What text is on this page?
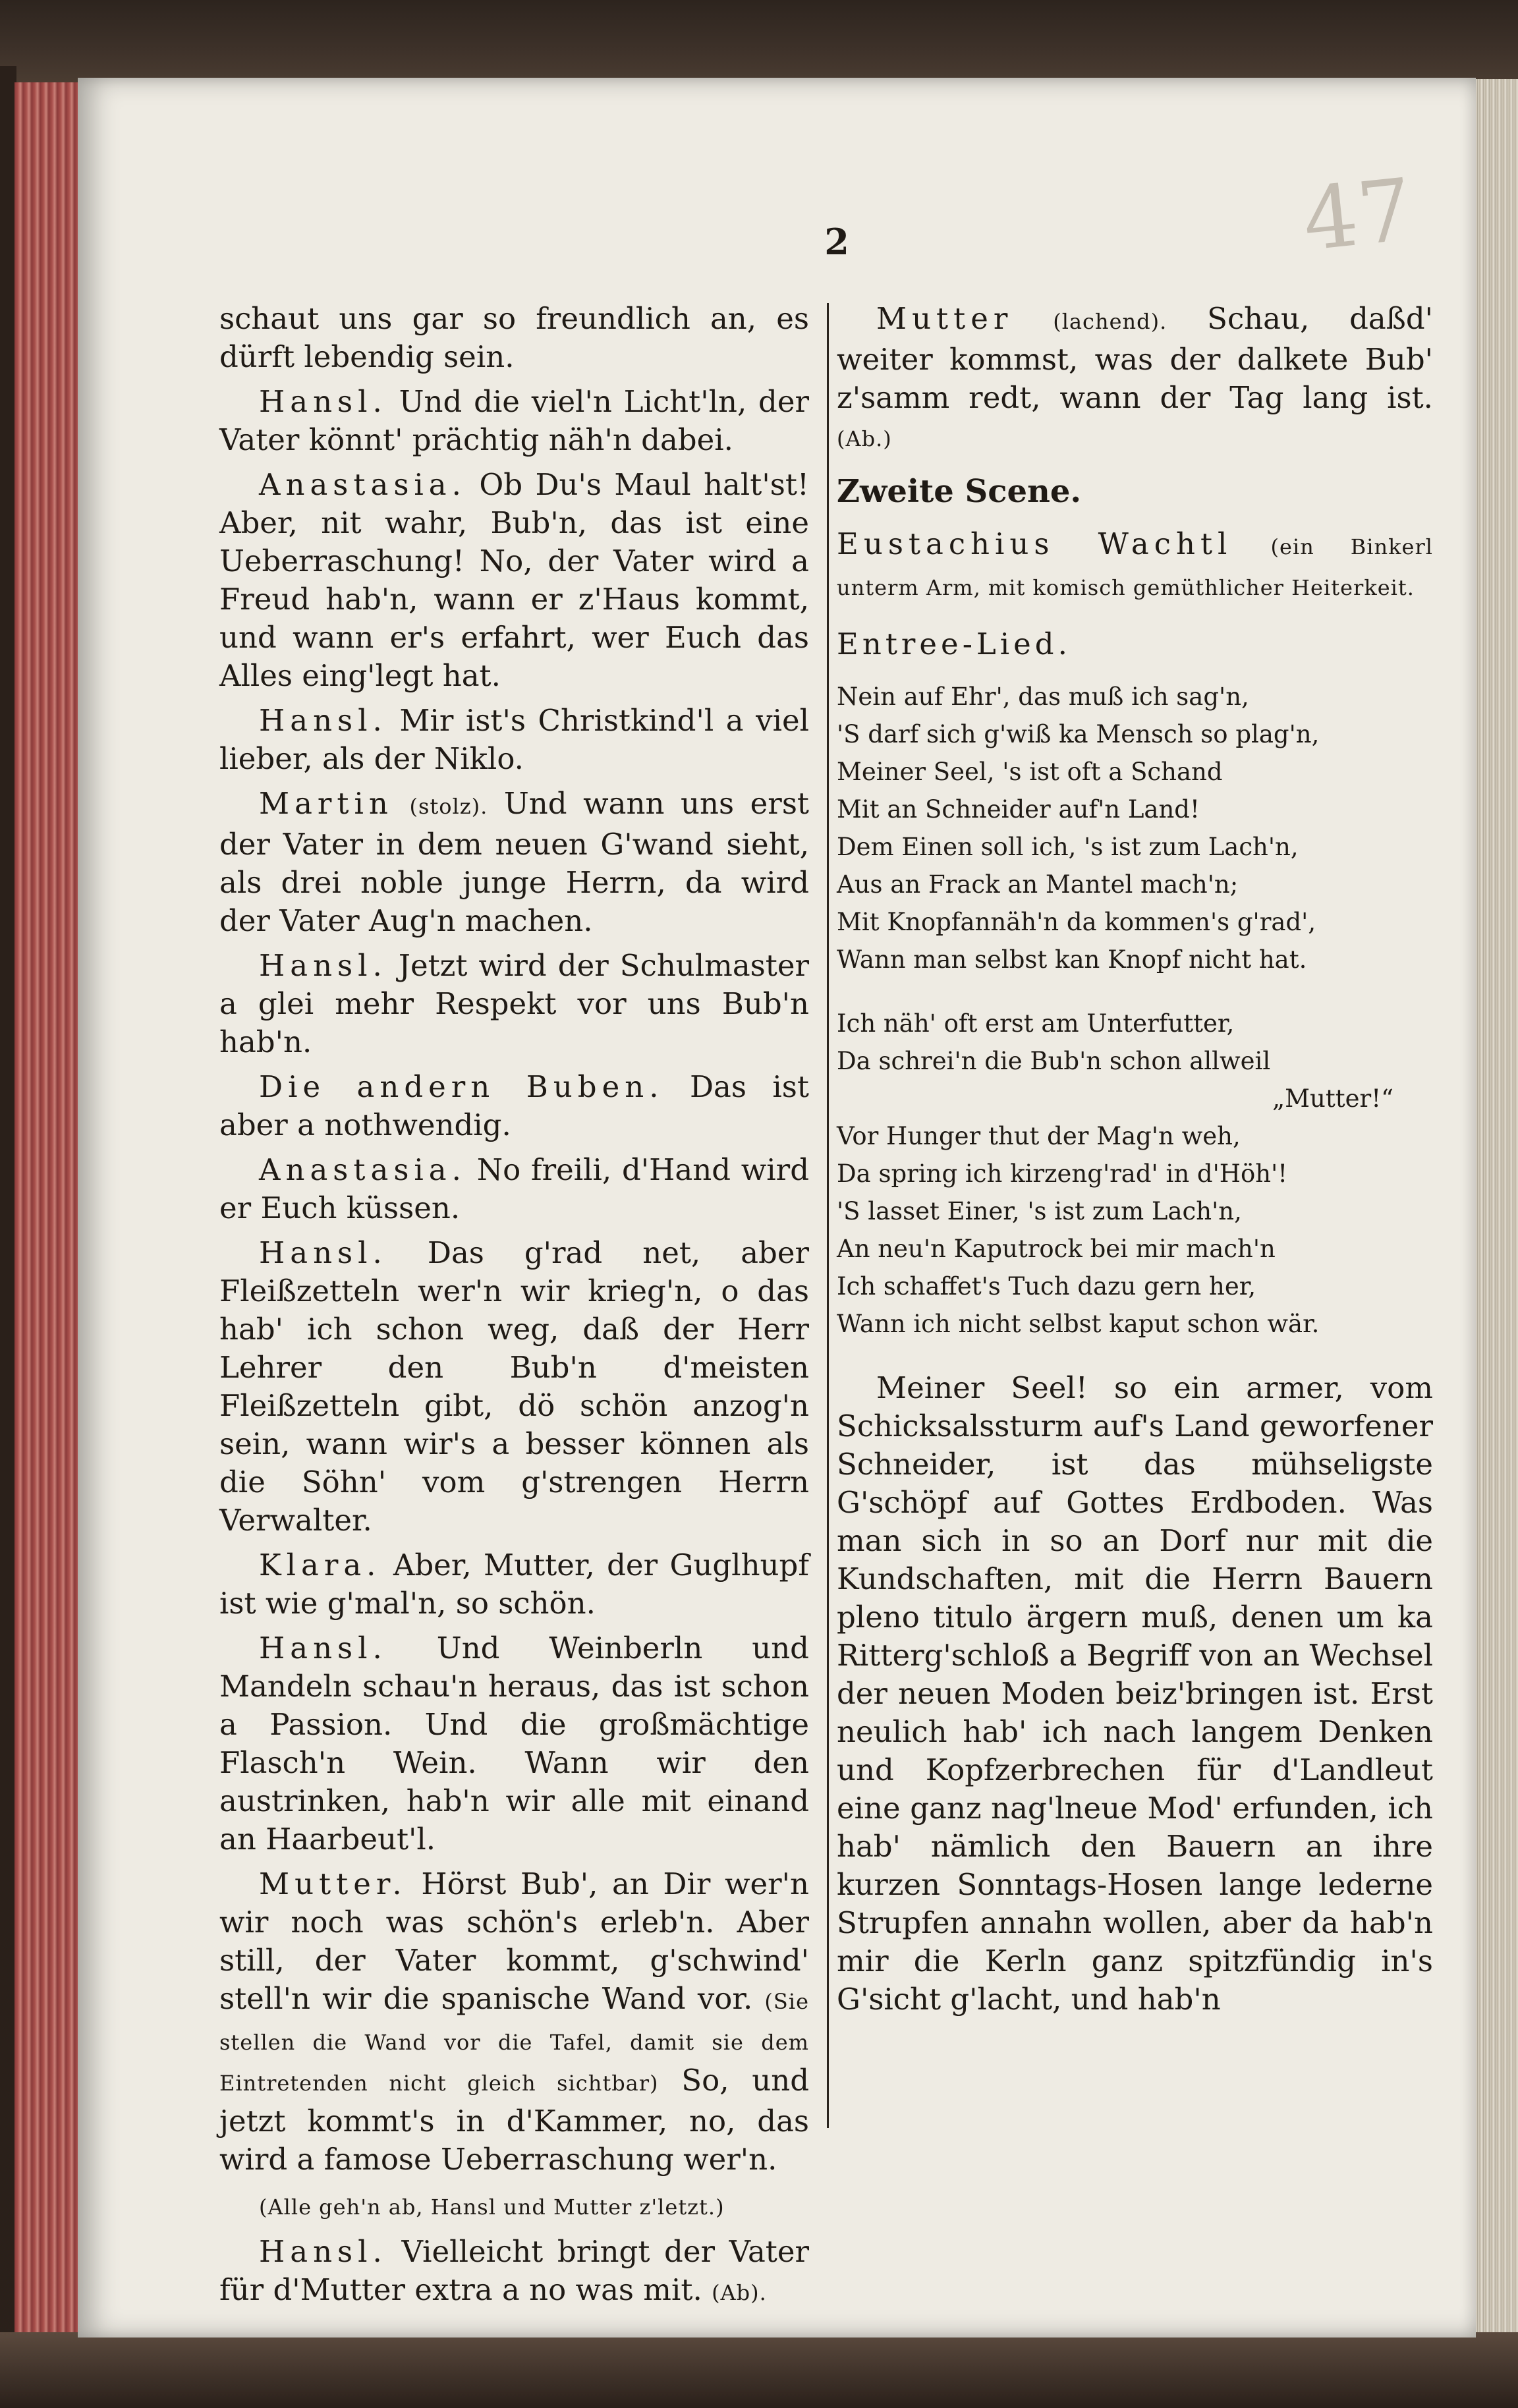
47
2

schaut uns gar so freundlich an, es dürft lebendig sein.

Hansl. Und die viel'n Licht'ln, der Vater könnt' prächtig näh'n dabei.

Anastasia. Ob Du's Maul halt'st! Aber, nit wahr, Bub'n, das ist eine Ueberraschung! No, der Vater wird a Freud hab'n, wann er z'Haus kommt, und wann er's erfahrt, wer Euch das Alles eing'legt hat.

Hansl. Mir ist's Christkind'l a viel lieber, als der Niklo.

Martin (stolz). Und wann uns erst der Vater in dem neuen G'wand sieht, als drei noble junge Herrn, da wird der Vater Aug'n machen.

Hansl. Jetzt wird der Schulmaster a glei mehr Respekt vor uns Bub'n hab'n.

Die andern Buben. Das ist aber a nothwendig.

Anastasia. No freili, d'Hand wird er Euch küssen.

Hansl. Das g'rad net, aber Fleißzetteln wer'n wir krieg'n, o das hab' ich schon weg, daß der Herr Lehrer den Bub'n d'meisten Fleißzetteln gibt, dö schön anzog'n sein, wann wir's a besser können als die Söhn' vom g'strengen Herrn Verwalter.

Klara. Aber, Mutter, der Guglhupf ist wie g'mal'n, so schön.

Hansl. Und Weinberln und Mandeln schau'n heraus, das ist schon a Passion. Und die großmächtige Flasch'n Wein. Wann wir den austrinken, hab'n wir alle mit einand an Haarbeut'l.

Mutter. Hörst Bub', an Dir wer'n wir noch was schön's erleb'n. Aber still, der Vater kommt, g'schwind' stell'n wir die spanische Wand vor. (Sie stellen die Wand vor die Tafel, damit sie dem Eintretenden nicht gleich sichtbar) So, und jetzt kommt's in d'Kammer, no, das wird a famose Ueberraschung wer'n.

(Alle geh'n ab, Hansl und Mutter z'letzt.)

Hansl. Vielleicht bringt der Vater für d'Mutter extra a no was mit. (Ab).

Mutter (lachend). Schau, daßd' weiter kommst, was der dalkete Bub' z'samm redt, wann der Tag lang ist. (Ab.)

Zweite Scene.

Eustachius Wachtl (ein Binkerl unterm Arm, mit komisch gemüthlicher Heiterkeit.

Entree-Lied.

Nein auf Ehr', das muß ich sag'n,

'S darf sich g'wiß ka Mensch so plag'n,

Meiner Seel, 's ist oft a Schand

Mit an Schneider auf'n Land!

Dem Einen soll ich, 's ist zum Lach'n,

Aus an Frack an Mantel mach'n;

Mit Knopfannäh'n da kommen's g'rad',

Wann man selbst kan Knopf nicht hat.

Ich näh' oft erst am Unterfutter,

Da schrei'n die Bub'n schon allweil

„Mutter!“

Vor Hunger thut der Mag'n weh,

Da spring ich kirzeng'rad' in d'Höh'!

'S lasset Einer, 's ist zum Lach'n,

An neu'n Kaputrock bei mir mach'n

Ich schaffet's Tuch dazu gern her,

Wann ich nicht selbst kaput schon wär.

Meiner Seel! so ein armer, vom Schicksalssturm auf's Land geworfener Schneider, ist das mühseligste G'schöpf auf Gottes Erdboden. Was man sich in so an Dorf nur mit die Kundschaften, mit die Herrn Bauern pleno titulo ärgern muß, denen um ka Ritterg'schloß a Begriff von an Wechsel der neuen Moden beiz'bringen ist. Erst neulich hab' ich nach langem Denken und Kopfzerbrechen für d'Landleut eine ganz nag'lneue Mod' erfunden, ich hab' nämlich den Bauern an ihre kurzen Sonntags-Hosen lange lederne Strupfen annahn wollen, aber da hab'n mir die Kerln ganz spitzfündig in's G'sicht g'lacht, und hab'n
